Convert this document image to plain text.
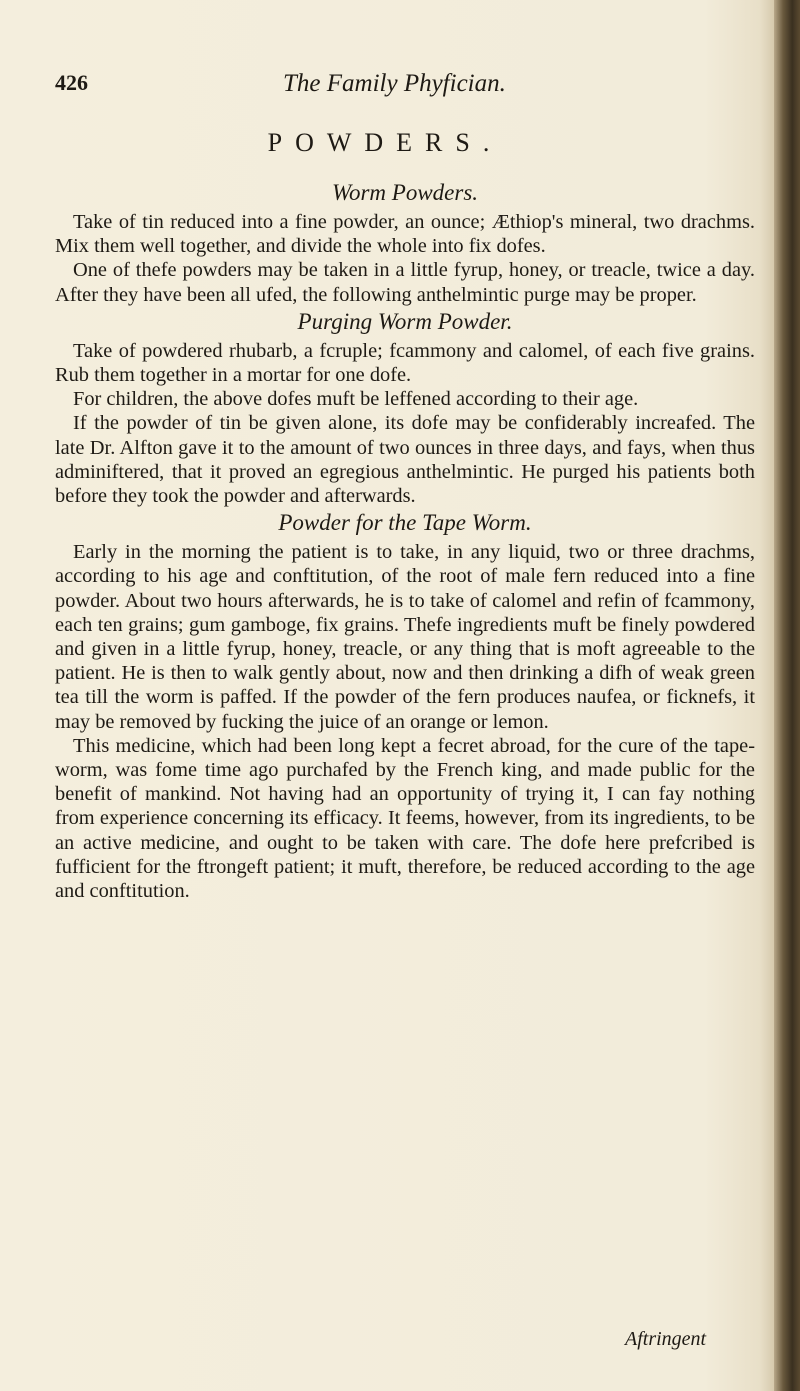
426	The Family Phyfician.
POWDERS.
Worm Powders.

Take of tin reduced into a fine powder, an ounce; Æthiop's mineral, two drachms. Mix them well together, and divide the whole into fix dofes.

One of thefe powders may be taken in a little fyrup, honey, or treacle, twice a day. After they have been all ufed, the following anthelmintic purge may be proper.

Purging Worm Powder.

Take of powdered rhubarb, a fcruple; fcammony and calomel, of each five grains. Rub them together in a mortar for one dofe.

For children, the above dofes muft be leffened according to their age.

If the powder of tin be given alone, its dofe may be confiderably increafed. The late Dr. Alfton gave it to the amount of two ounces in three days, and fays, when thus adminiftered, that it proved an egregious anthelmintic. He purged his patients both before they took the powder and afterwards.

Powder for the Tape Worm.

Early in the morning the patient is to take, in any liquid, two or three drachms, according to his age and conftitution, of the root of male fern reduced into a fine powder. About two hours afterwards, he is to take of calomel and refin of fcammony, each ten grains; gum gamboge, fix grains. Thefe ingredients muft be finely powdered and given in a little fyrup, honey, treacle, or any thing that is moft agreeable to the patient. He is then to walk gently about, now and then drinking a difh of weak green tea till the worm is paffed. If the powder of the fern produces naufea, or ficknefs, it may be removed by fucking the juice of an orange or lemon.

This medicine, which had been long kept a fecret abroad, for the cure of the tape-worm, was fome time ago purchafed by the French king, and made public for the benefit of mankind. Not having had an opportunity of trying it, I can fay nothing from experience concerning its efficacy. It feems, however, from its ingredients, to be an active medicine, and ought to be taken with care. The dofe here prefcribed is fufficient for the ftrongeft patient; it muft, therefore, be reduced according to the age and conftitution.

Aftringent
